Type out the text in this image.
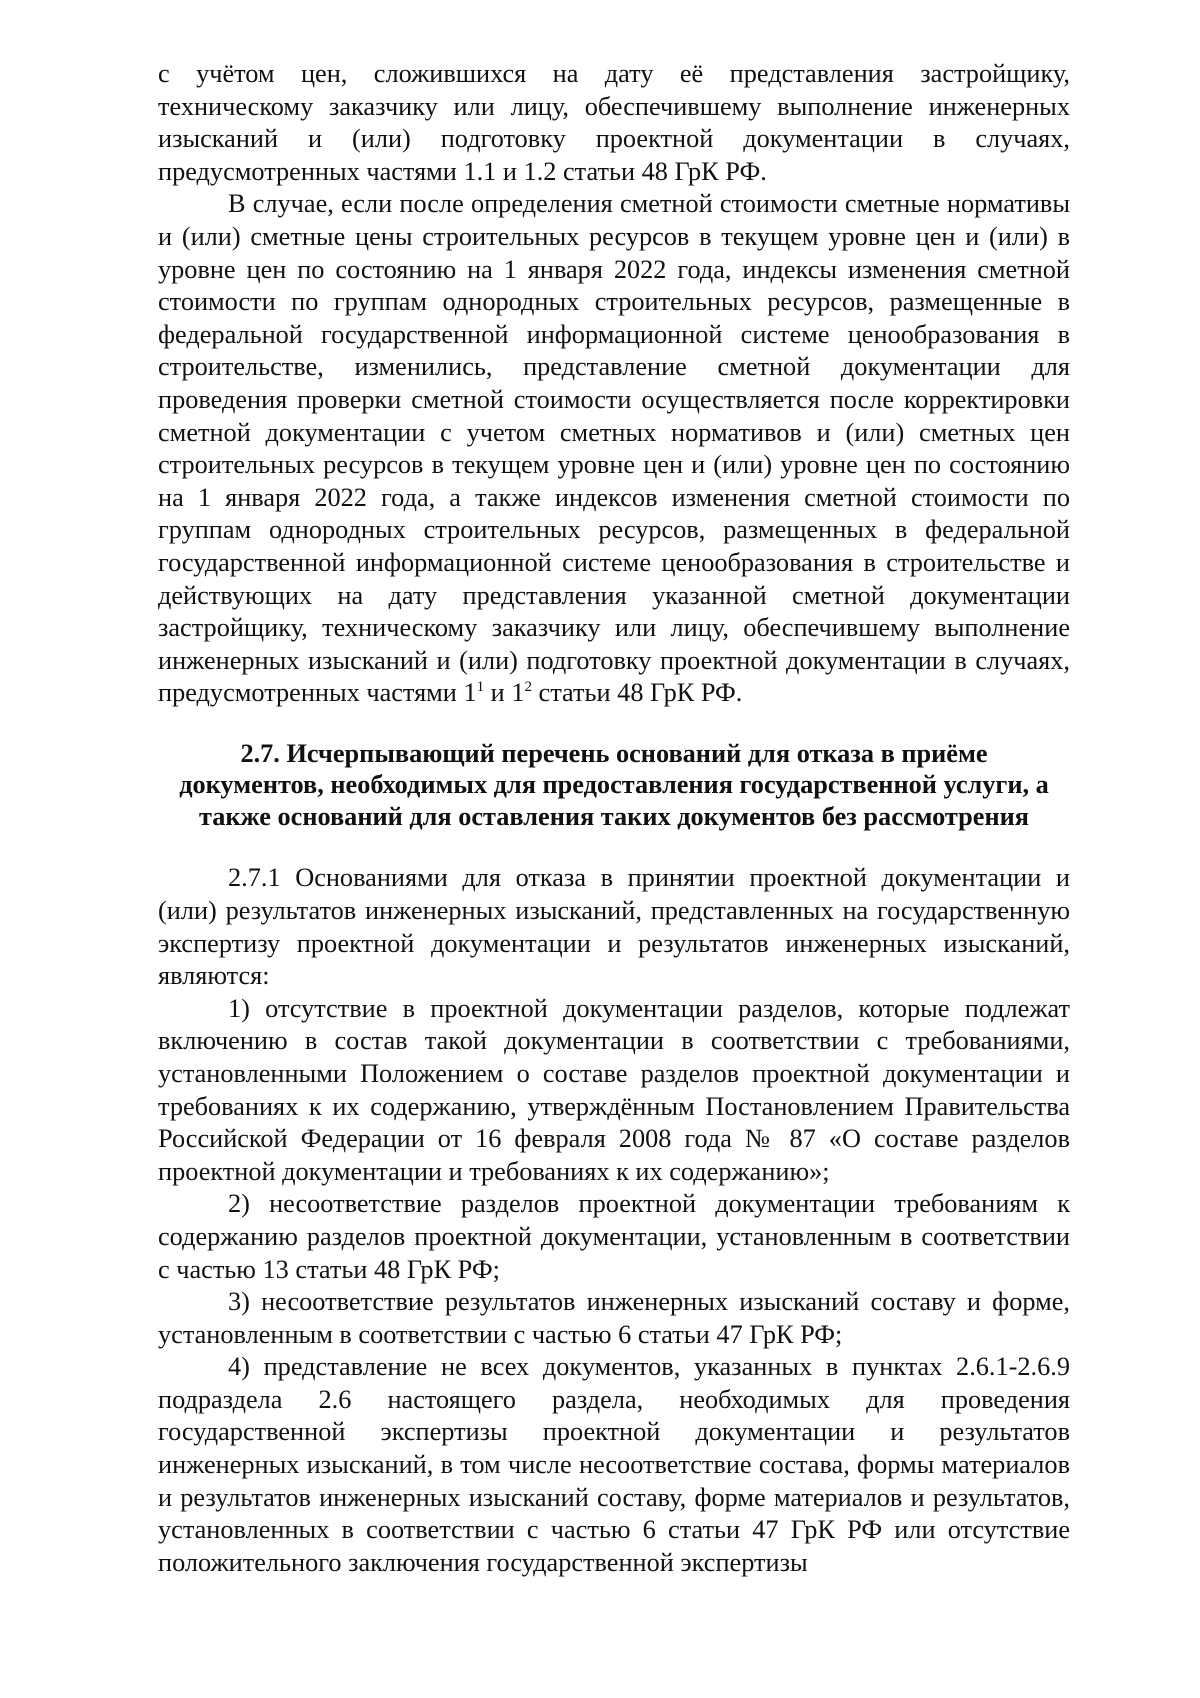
с учётом цен, сложившихся на дату её представления застройщику, техническому заказчику или лицу, обеспечившему выполнение инженерных изысканий и (или) подготовку проектной документации в случаях, предусмотренных частями 1.1 и 1.2 статьи 48 ГрК РФ.

В случае, если после определения сметной стоимости сметные нормативы и (или) сметные цены строительных ресурсов в текущем уровне цен и (или) в уровне цен по состоянию на 1 января 2022 года, индексы изменения сметной стоимости по группам однородных строительных ресурсов, размещенные в федеральной государственной информационной системе ценообразования в строительстве, изменились, представление сметной документации для проведения проверки сметной стоимости осуществляется после корректировки сметной документации с учетом сметных нормативов и (или) сметных цен строительных ресурсов в текущем уровне цен и (или) уровне цен по состоянию на 1 января 2022 года, а также индексов изменения сметной стоимости по группам однородных строительных ресурсов, размещенных в федеральной государственной информационной системе ценообразования в строительстве и действующих на дату представления указанной сметной документации застройщику, техническому заказчику или лицу, обеспечившему выполнение инженерных изысканий и (или) подготовку проектной документации в случаях, предусмотренных частями $1^1$ и $1^2$ статьи 48 ГрК РФ.

2.7. Исчерпывающий перечень оснований для отказа в приёме
документов, необходимых для предоставления государственной услуги, а
также оснований для оставления таких документов без рассмотрения

2.7.1 Основаниями для отказа в принятии проектной документации и (или) результатов инженерных изысканий, представленных на государственную экспертизу проектной документации и результатов инженерных изысканий, являются:

1) отсутствие в проектной документации разделов, которые подлежат включению в состав такой документации в соответствии с требованиями, установленными Положением о составе разделов проектной документации и требованиях к их содержанию, утверждённым Постановлением Правительства Российской Федерации от 16 февраля 2008 года № 87 «О составе разделов проектной документации и требованиях к их содержанию»;

2) несоответствие разделов проектной документации требованиям к содержанию разделов проектной документации, установленным в соответствии с частью 13 статьи 48 ГрК РФ;

3) несоответствие результатов инженерных изысканий составу и форме, установленным в соответствии с частью 6 статьи 47 ГрК РФ;

4) представление не всех документов, указанных в пунктах 2.6.1-2.6.9 подраздела 2.6 настоящего раздела, необходимых для проведения государственной экспертизы проектной документации и результатов инженерных изысканий, в том числе несоответствие состава, формы материалов и результатов инженерных изысканий составу, форме материалов и результатов, установленных в соответствии с частью 6 статьи 47 ГрК РФ или отсутствие положительного заключения государственной экспертизы
